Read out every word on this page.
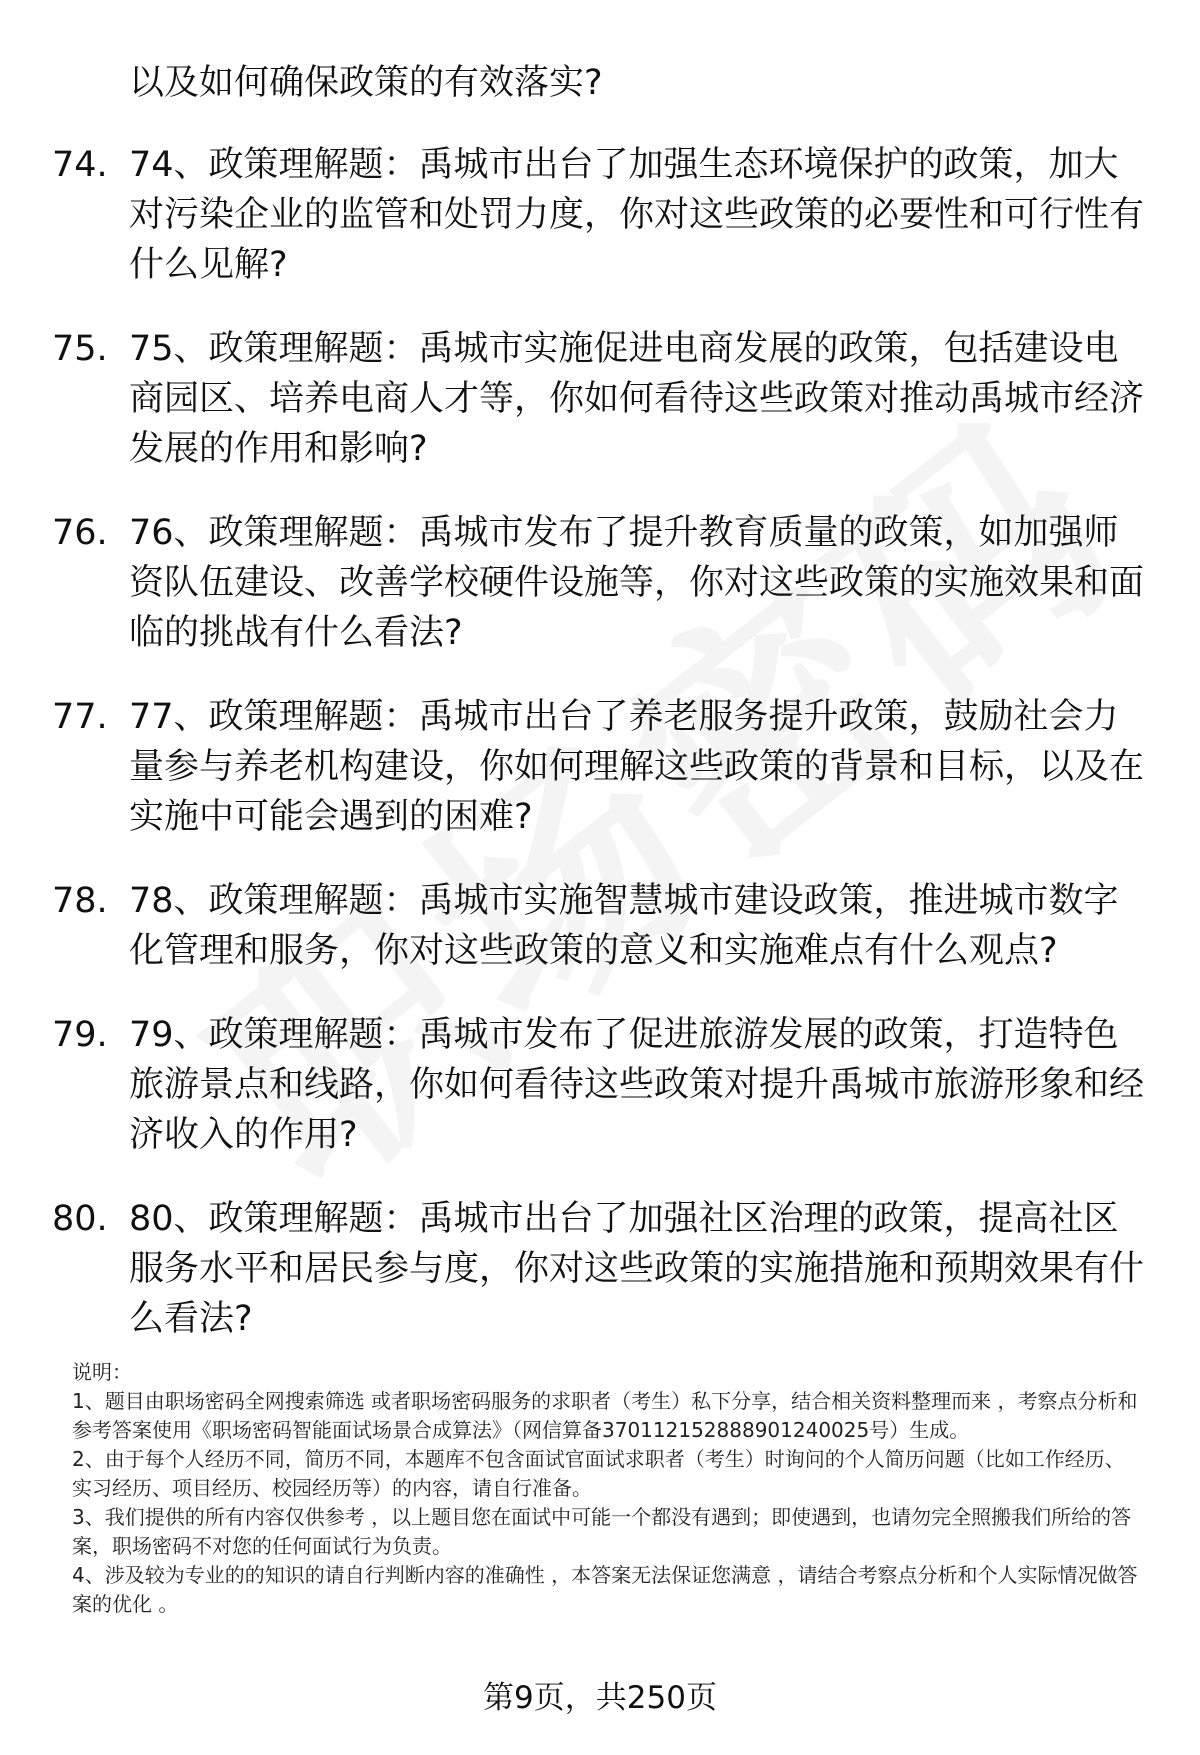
以及如何确保政策的有效落实?
74. 74、政策理解题：禹城市出台了加强生态环境保护的政策，加大对污染企业的监管和处罚力度，你对这些政策的必要性和可行性有什么见解?
75. 75、政策理解题：禹城市实施促进电商发展的政策，包括建设电商园区、培养电商人才等，你如何看待这些政策对推动禹城市经济发展的作用和影响?
76. 76、政策理解题：禹城市发布了提升教育质量的政策，如加强师资队伍建设、改善学校硬件设施等，你对这些政策的实施效果和面临的挑战有什么看法?
77. 77、政策理解题：禹城市出台了养老服务提升政策，鼓励社会力量参与养老机构建设，你如何理解这些政策的背景和目标，以及在实施中可能会遇到的困难?
78. 78、政策理解题：禹城市实施智慧城市建设政策，推进城市数字化管理和服务，你对这些政策的意义和实施难点有什么观点?
79. 79、政策理解题：禹城市发布了促进旅游发展的政策，打造特色旅游景点和线路，你如何看待这些政策对提升禹城市旅游形象和经济收入的作用?
80. 80、政策理解题：禹城市出台了加强社区治理的政策，提高社区服务水平和居民参与度，你对这些政策的实施措施和预期效果有什么看法?

说明：

1、题目由职场密码全网搜索筛选 或者职场密码服务的求职者（考生）私下分享，结合相关资料整理而来 ，考察点分析和参考答案使用《职场密码智能面试场景合成算法》（网信算备370112152888901240025号）生成。

2、由于每个人经历不同，简历不同，本题库不包含面试官面试求职者（考生）时询问的个人简历问题（比如工作经历、实习经历、项目经历、校园经历等）的内容，请自行准备。

3、我们提供的所有内容仅供参考 ，以上题目您在面试中可能一个都没有遇到；即使遇到，也请勿完全照搬我们所给的答案，职场密码不对您的任何面试行为负责。

4、涉及较为专业的的知识的请自行判断内容的准确性 ，本答案无法保证您满意 ，请结合考察点分析和个人实际情况做答案的优化 。

第9页，共250页
